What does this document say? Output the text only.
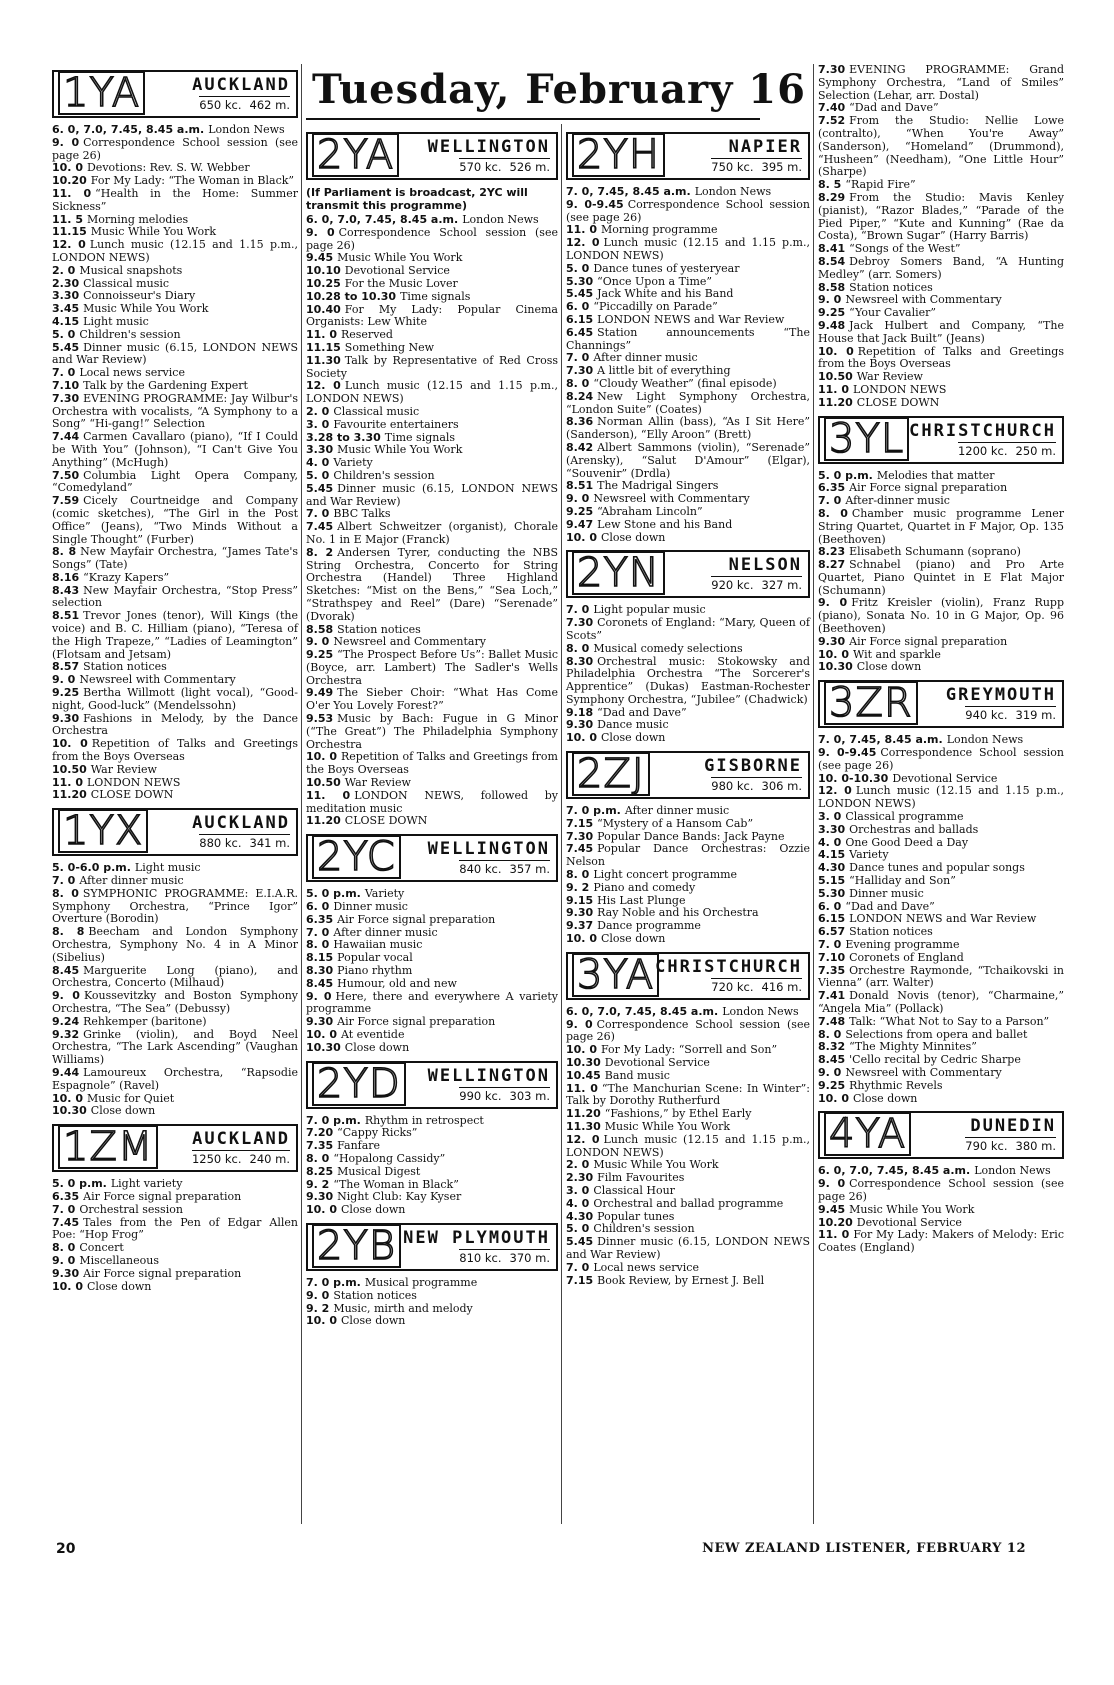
Tuesday, February 16
1YA	AUCKLAND
650 kc. 462 m.

6. 0, 7.0, 7.45, 8.45 a.m. London News

9. 0 Correspondence School session (see page 26)

10. 0 Devotions: Rev. S. W. Webber

10.20 For My Lady: “The Woman in Black”

11. 0 “Health in the Home: Summer Sickness”

11. 5 Morning melodies

11.15 Music While You Work

12. 0 Lunch music (12.15 and 1.15 p.m., LONDON NEWS)

2. 0 Musical snapshots

2.30 Classical music

3.30 Connoisseur's Diary

3.45 Music While You Work

4.15 Light music

5. 0 Children's session

5.45 Dinner music (6.15, LONDON NEWS and War Review)

7. 0 Local news service

7.10 Talk by the Gardening Expert

7.30 EVENING PROGRAMME: Jay Wilbur's Orchestra with vocalists, “A Symphony to a Song” “Hi-gang!” Selection

7.44 Carmen Cavallaro (piano), “If I Could be With You” (Johnson), “I Can't Give You Anything” (McHugh)

7.50 Columbia Light Opera Company, “Comedyland”

7.59 Cicely Courtneidge and Company (comic sketches), “The Girl in the Post Office” (Jeans), “Two Minds Without a Single Thought” (Furber)

8. 8 New Mayfair Orchestra, “James Tate's Songs” (Tate)

8.16 “Krazy Kapers”

8.43 New Mayfair Orchestra, “Stop Press” selection

8.51 Trevor Jones (tenor), Will Kings (the voice) and B. C. Hilliam (piano), “Teresa of the High Trapeze,” “Ladies of Leamington” (Flotsam and Jetsam)

8.57 Station notices

9. 0 Newsreel with Commentary

9.25 Bertha Willmott (light vocal), “Good-night, Good-luck” (Mendelssohn)

9.30 Fashions in Melody, by the Dance Orchestra

10. 0 Repetition of Talks and Greetings from the Boys Overseas

10.50 War Review

11. 0 LONDON NEWS

11.20 CLOSE DOWN

1YX	AUCKLAND
880 kc. 341 m.

5. 0-6.0 p.m. Light music

7. 0 After dinner music

8. 0 SYMPHONIC PROGRAMME: E.I.A.R. Symphony Orchestra, “Prince Igor” Overture (Borodin)

8. 8 Beecham and London Symphony Orchestra, Symphony No. 4 in A Minor (Sibelius)

8.45 Marguerite Long (piano), and Orchestra, Concerto (Milhaud)

9. 0 Koussevitzky and Boston Symphony Orchestra, “The Sea” (Debussy)

9.24 Rehkemper (baritone)

9.32 Grinke (violin), and Boyd Neel Orchestra, “The Lark Ascending” (Vaughan Williams)

9.44 Lamoureux Orchestra, “Rapsodie Espagnole” (Ravel)

10. 0 Music for Quiet

10.30 Close down

1ZM AUCKLAND
1250 kc. 240 m.

5. 0 p.m. Light variety

6.35 Air Force signal preparation

7. 0 Orchestral session

7.45 Tales from the Pen of Edgar Allen Poe: “Hop Frog”

8. 0 Concert

9. 0 Miscellaneous

9.30 Air Force signal preparation

10. 0 Close down

2YA WELLINGTON
570 kc. 526 m.
(If Parliament is broadcast, 2YC will transmit this programme)

6. 0, 7.0, 7.45, 8.45 a.m. London News

9. 0 Correspondence School session (see page 26)

9.45 Music While You Work

10.10 Devotional Service

10.25 For the Music Lover

10.28 to 10.30 Time signals

10.40 For My Lady: Popular Cinema Organists: Lew White

11. 0 Reserved

11.15 Something New

11.30 Talk by Representative of Red Cross Society

12. 0 Lunch music (12.15 and 1.15 p.m., LONDON NEWS)

2. 0 Classical music

3. 0 Favourite entertainers

3.28 to 3.30 Time signals

3.30 Music While You Work

4. 0 Variety

5. 0 Children's session

5.45 Dinner music (6.15, LONDON NEWS and War Review)

7. 0 BBC Talks

7.45 Albert Schweitzer (organist), Chorale No. 1 in E Major (Franck)

8. 2 Andersen Tyrer, conducting the NBS String Orchestra, Concerto for String Orchestra (Handel) Three Highland Sketches: “Mist on the Bens,” “Sea Loch,” “Strathspey and Reel” (Dare) “Serenade” (Dvorak)

8.58 Station notices

9. 0 Newsreel and Commentary

9.25 “The Prospect Before Us”: Ballet Music (Boyce, arr. Lambert) The Sadler's Wells Orchestra

9.49 The Sieber Choir: “What Has Come O'er You Lovely Forest?”

9.53 Music by Bach: Fugue in G Minor (“The Great”) The Philadelphia Symphony Orchestra

10. 0 Repetition of Talks and Greetings from the Boys Overseas

10.50 War Review

11. 0 LONDON NEWS, followed by meditation music

11.20 CLOSE DOWN

2YC WELLINGTON
840 kc. 357 m.

5. 0 p.m. Variety

6. 0 Dinner music

6.35 Air Force signal preparation

7. 0 After dinner music

8. 0 Hawaiian music

8.15 Popular vocal

8.30 Piano rhythm

8.45 Humour, old and new

9. 0 Here, there and everywhere A variety programme

9.30 Air Force signal preparation

10. 0 At eventide

10.30 Close down

2YD WELLINGTON
990 kc. 303 m.

7. 0 p.m. Rhythm in retrospect

7.20 “Cappy Ricks”

7.35 Fanfare

8. 0 “Hopalong Cassidy”

8.25 Musical Digest

9. 2 “The Woman in Black”

9.30 Night Club: Kay Kyser

10. 0 Close down

2YB NEW PLYMOUTH
810 kc. 370 m.

7. 0 p.m. Musical programme

9. 0 Station notices

9. 2 Music, mirth and melody

10. 0 Close down

2YH	NAPIER
750 kc. 395 m.

7. 0, 7.45, 8.45 a.m. London News

9. 0-9.45 Correspondence School session (see page 26)

11. 0 Morning programme

12. 0 Lunch music (12.15 and 1.15 p.m., LONDON NEWS)

5. 0 Dance tunes of yesteryear

5.30 “Once Upon a Time”

5.45 Jack White and his Band

6. 0 “Piccadilly on Parade”

6.15 LONDON NEWS and War Review

6.45 Station announcements “The Channings”

7. 0 After dinner music

7.30 A little bit of everything

8. 0 “Cloudy Weather” (final episode)

8.24 New Light Symphony Orchestra, “London Suite” (Coates)

8.36 Norman Allin (bass), “As I Sit Here” (Sanderson), “Elly Aroon” (Brett)

8.42 Albert Sammons (violin), “Serenade” (Arensky), “Salut D'Amour” (Elgar), “Souvenir” (Drdla)

8.51 The Madrigal Singers

9. 0 Newsreel with Commentary

9.25 “Abraham Lincoln”

9.47 Lew Stone and his Band

10. 0 Close down

2YN	NELSON
920 kc. 327 m.

7. 0 Light popular music

7.30 Coronets of England: “Mary, Queen of Scots”

8. 0 Musical comedy selections

8.30 Orchestral music: Stokowsky and Philadelphia Orchestra “The Sorcerer's Apprentice” (Dukas) Eastman-Rochester Symphony Orchestra, “Jubilee” (Chadwick)

9.18 “Dad and Dave”

9.30 Dance music

10. 0 Close down

2ZJ	GISBORNE
980 kc. 306 m.

7. 0 p.m. After dinner music

7.15 “Mystery of a Hansom Cab”

7.30 Popular Dance Bands: Jack Payne

7.45 Popular Dance Orchestras: Ozzie Nelson

8. 0 Light concert programme

9. 2 Piano and comedy

9.15 His Last Plunge

9.30 Ray Noble and his Orchestra

9.37 Dance programme

10. 0 Close down

3YA CHRISTCHURCH
720 kc. 416 m.

6. 0, 7.0, 7.45, 8.45 a.m. London News

9. 0 Correspondence School session (see page 26)

10. 0 For My Lady: “Sorrell and Son”

10.30 Devotional Service

10.45 Band music

11. 0 “The Manchurian Scene: In Winter”: Talk by Dorothy Rutherfurd

11.20 “Fashions,” by Ethel Early

11.30 Music While You Work

12. 0 Lunch music (12.15 and 1.15 p.m., LONDON NEWS)

2. 0 Music While You Work

2.30 Film Favourites

3. 0 Classical Hour

4. 0 Orchestral and ballad programme

4.30 Popular tunes

5. 0 Children's session

5.45 Dinner music (6.15, LONDON NEWS and War Review)

7. 0 Local news service

7.15 Book Review, by Ernest J. Bell

7.30 EVENING PROGRAMME: Grand Symphony Orchestra, “Land of Smiles” Selection (Lehar, arr. Dostal)

7.40 “Dad and Dave”

7.52 From the Studio: Nellie Lowe (contralto), “When You're Away” (Sanderson), “Homeland” (Drummond), “Husheen” (Needham), “One Little Hour” (Sharpe)

8. 5 “Rapid Fire”

8.29 From the Studio: Mavis Kenley (pianist), “Razor Blades,” “Parade of the Pied Piper,” “Kute and Kunning” (Rae da Costa), “Brown Sugar” (Harry Barris)

8.41 “Songs of the West”

8.54 Debroy Somers Band, “A Hunting Medley” (arr. Somers)

8.58 Station notices

9. 0 Newsreel with Commentary

9.25 “Your Cavalier”

9.48 Jack Hulbert and Company, “The House that Jack Built” (Jeans)

10. 0 Repetition of Talks and Greetings from the Boys Overseas

10.50 War Review

11. 0 LONDON NEWS

11.20 CLOSE DOWN

3YL CHRISTCHURCH
1200 kc. 250 m.

5. 0 p.m. Melodies that matter

6.35 Air Force signal preparation

7. 0 After-dinner music

8. 0 Chamber music programme Lener String Quartet, Quartet in F Major, Op. 135 (Beethoven)

8.23 Elisabeth Schumann (soprano)

8.27 Schnabel (piano) and Pro Arte Quartet, Piano Quintet in E Flat Major (Schumann)

9. 0 Fritz Kreisler (violin), Franz Rupp (piano), Sonata No. 10 in G Major, Op. 96 (Beethoven)

9.30 Air Force signal preparation

10. 0 Wit and sparkle

10.30 Close down

3ZR GREYMOUTH
940 kc. 319 m.

7. 0, 7.45, 8.45 a.m. London News

9. 0-9.45 Correspondence School session (see page 26)

10. 0-10.30 Devotional Service

12. 0 Lunch music (12.15 and 1.15 p.m., LONDON NEWS)

3. 0 Classical programme

3.30 Orchestras and ballads

4. 0 One Good Deed a Day

4.15 Variety

4.30 Dance tunes and popular songs

5.15 “Halliday and Son”

5.30 Dinner music

6. 0 “Dad and Dave”

6.15 LONDON NEWS and War Review

6.57 Station notices

7. 0 Evening programme

7.10 Coronets of England

7.35 Orchestre Raymonde, “Tchaikovski in Vienna” (arr. Walter)

7.41 Donald Novis (tenor), “Charmaine,” “Angela Mia” (Pollack)

7.48 Talk: “What Not to Say to a Parson”

8. 0 Selections from opera and ballet

8.32 “The Mighty Minnites”

8.45 'Cello recital by Cedric Sharpe

9. 0 Newsreel with Commentary

9.25 Rhythmic Revels

10. 0 Close down

4YA	DUNEDIN
790 kc. 380 m.

6. 0, 7.0, 7.45, 8.45 a.m. London News

9. 0 Correspondence School session (see page 26)

9.45 Music While You Work

10.20 Devotional Service

11. 0 For My Lady: Makers of Melody: Eric Coates (England)

20	NEW ZEALAND LISTENER, FEBRUARY 12
